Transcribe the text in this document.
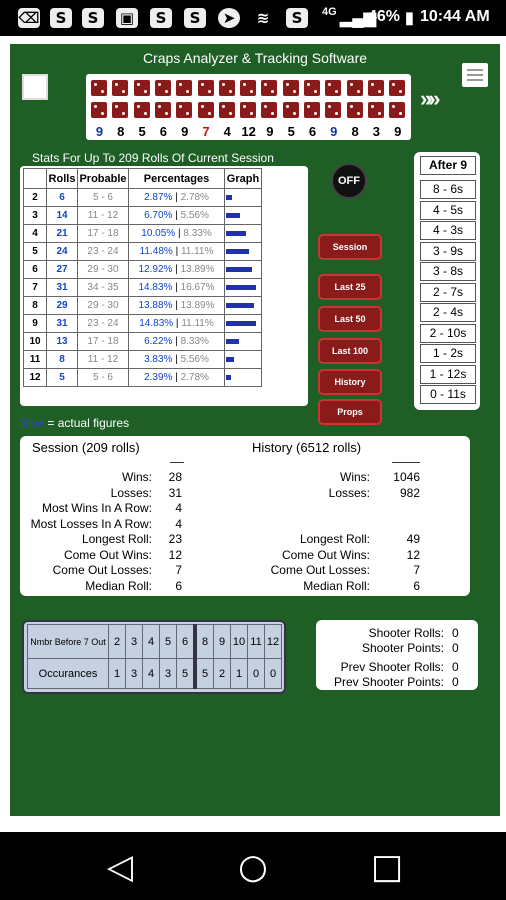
⌫	S	S	▣	S	S	➤	≋	S	4G ▂▄▆
46% ▮ 10:44 AM
Craps Analyzer & Tracking Software
9	8	5	6	9	7	4 12 9	5	6	9	8	3	9
»»
Stats For Up To 209 Rolls Of Current Session
	Rolls	Probable	Percentages	Graph
2	6	5 - 6	2.87% | 2.78%	
3	14	11 - 12	6.70% | 5.56%	
4	21	17 - 18	10.05% | 8.33%	
5	24	23 - 24	11.48% | 11.11%	
6	27	29 - 30	12.92% | 13.89%	
7	31	34 - 35	14.83% | 16.67%	
8	29	29 - 30	13.88% | 13.89%	
9	31	23 - 24	14.83% | 11.11%	
10	13	17 - 18	6.22% | 8.33%	
11	8	11 - 12	3.83% | 5.56%	
12	5	5 - 6	2.39% | 2.78%	
OFF
Session
Last 25
Last 50
Last 100
History
Props
After 9
8 - 6s
4 - 5s
4 - 3s
3 - 9s
3 - 8s
2 - 7s
2 - 4s
2 - 10s
1 - 2s
1 - 12s
0 - 11s
Blue = actual figures
Session (209 rolls)	History (6512 rolls)
Wins: 28
Losses: 31
Most Wins In A Row: 4
Most Losses In A Row: 4
Longest Roll: 23
Come Out Wins: 12
Come Out Losses: 7
Median Roll: 6
Wins: 1046
Losses: 982
Longest Roll:	49
Come Out Wins:	12
Come Out Losses:	7
Median Roll:	6
Nmbr Before 7 Out	2	3	4	5	6	8	9	10	11	12
Occurances	1	3	4	3	5	5	2	1	0	0
Shooter Rolls: 0
Shooter Points: 0
Prev Shooter Rolls: 0
Prev Shooter Points: 0
◁	○	□
